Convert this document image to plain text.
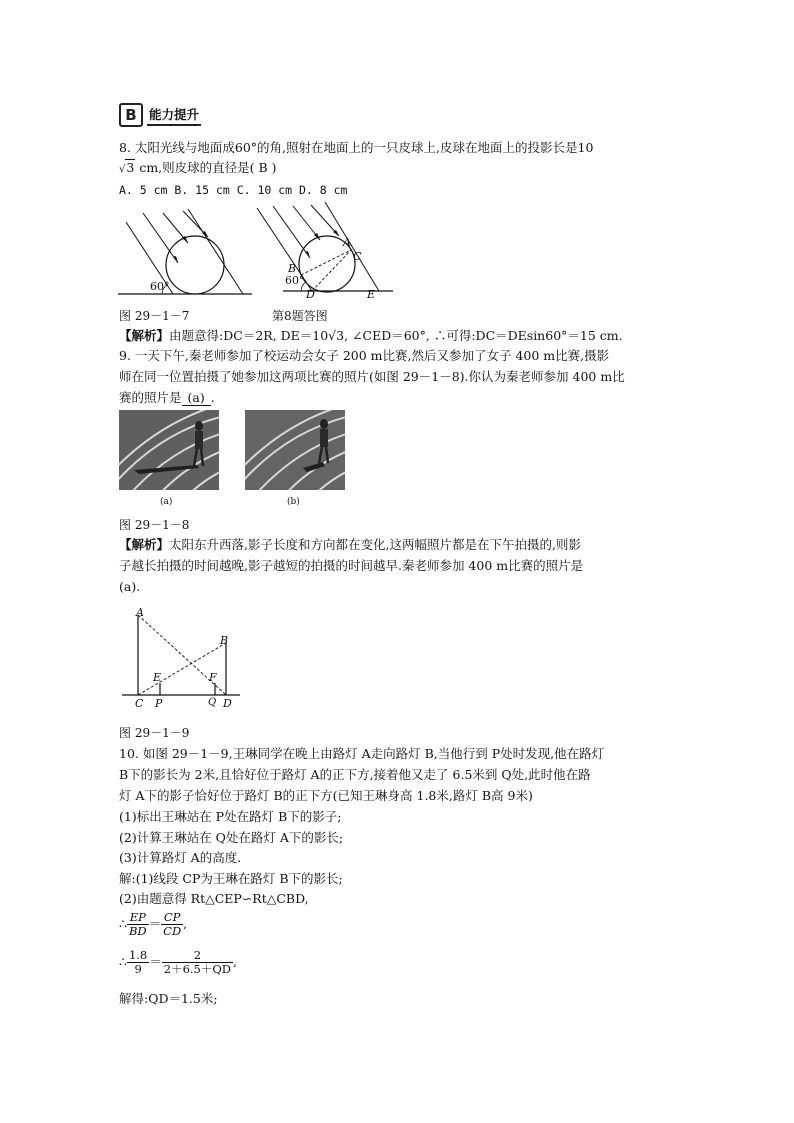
B 能力提升
8. 太阳光线与地面成60°的角,照射在地面上的一只皮球上,皮球在地面上的投影长是10
√3 cm,则皮球的直径是( B )
A. 5 cm B. 15 cm C. 10 cm D. 8 cm
60°
A
C
B
60°
D	E
图 29－1－7	第8题答图
【解析】由题意得:DC＝2R, DE＝10√3, ∠CED＝60°, ∴可得:DC＝DEsin60°＝15 cm.
9. 一天下午,秦老师参加了校运动会女子 200 m比赛,然后又参加了女子 400 m比赛,摄影
师在同一位置拍摄了她参加这两项比赛的照片(如图 29－1－8).你认为秦老师参加 400 m比
赛的照片是 (a) .
(a)	(b)
图 29－1－8
【解析】太阳东升西落,影子长度和方向都在变化,这两幅照片都是在下午拍摄的,则影
子越长拍摄的时间越晚,影子越短的拍摄的时间越早.秦老师参加 400 m比赛的照片是
(a).
A
B
E	F
C P	Q D
图 29－1－9
10. 如图 29－1－9,王琳同学在晚上由路灯 A走向路灯 B,当他行到 P处时发现,他在路灯
B下的影长为 2米,且恰好位于路灯 A的正下方,接着他又走了 6.5米到 Q处,此时他在路
灯 A下的影子恰好位于路灯 B的正下方(已知王琳身高 1.8米,路灯 B高 9米)
(1)标出王琳站在 P处在路灯 B下的影子;
(2)计算王琳站在 Q处在路灯 A下的影长;
(3)计算路灯 A的高度.
解:(1)线段 CP为王琳在路灯 B下的影长;
(2)由题意得 Rt△CEP∽Rt△CBD,
∴ $\frac{EP}{BD} = \frac{CP}{CD}$ ,
∴ $\frac{1.8}{9} = \frac{2}{2+6.5+QD}$ ,
解得:QD＝1.5米;
